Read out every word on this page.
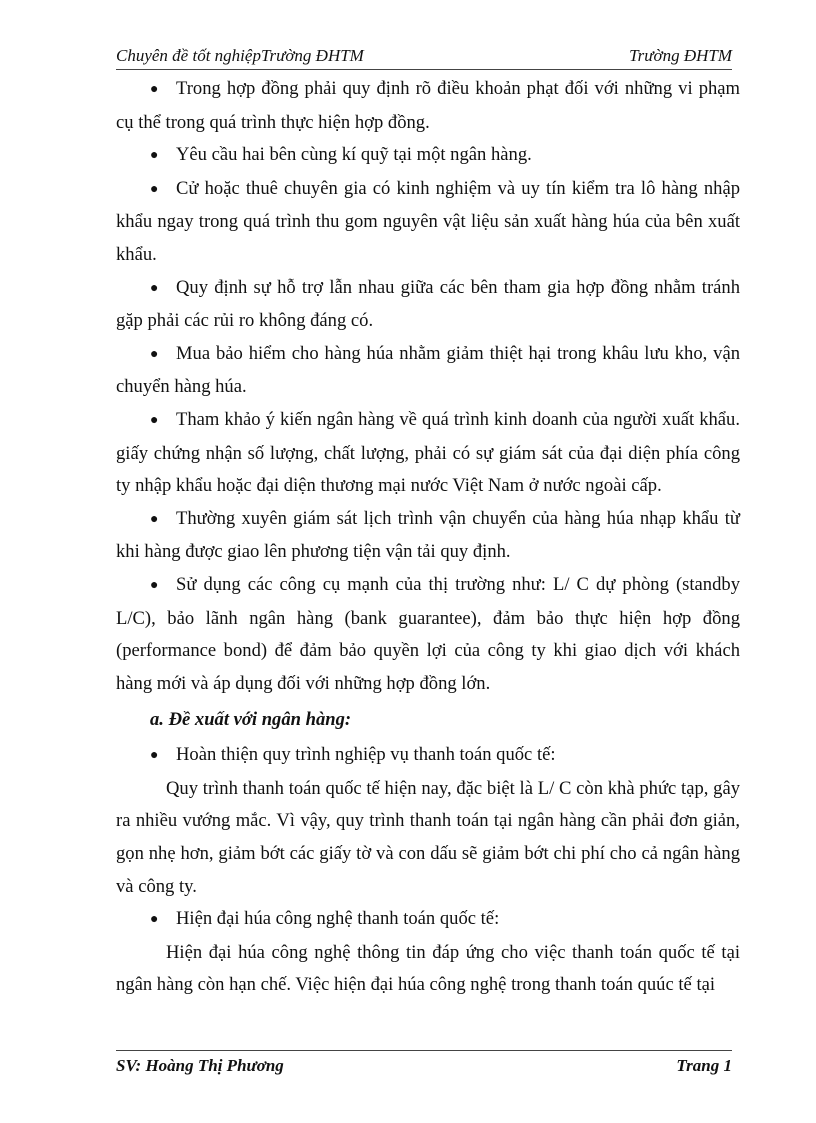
Chuyên đề tốt nghiệpTrường ĐHTM	Trường ĐHTM

● Trong hợp đồng phải quy định rõ điều khoản phạt đối với những vi phạm cụ thể trong quá trình thực hiện hợp đồng.

● Yêu cầu hai bên cùng kí quỹ tại một ngân hàng.

● Cử hoặc thuê chuyên gia có kinh nghiệm và uy tín kiểm tra lô hàng nhập khẩu ngay trong quá trình thu gom nguyên vật liệu sản xuất hàng húa của bên xuất khẩu.

● Quy định sự hỗ trợ lẫn nhau giữa các bên tham gia hợp đồng nhằm tránh gặp phải các rủi ro không đáng có.

● Mua bảo hiểm cho hàng húa nhằm giảm thiệt hại trong khâu lưu kho, vận chuyển hàng húa.

● Tham khảo ý kiến ngân hàng về quá trình kinh doanh của người xuất khẩu. giấy chứng nhận số lượng, chất lượng, phải có sự giám sát của đại diện phía công ty nhập khẩu hoặc đại diện thương mại nước Việt Nam ở nước ngoài cấp.

● Thường xuyên giám sát lịch trình vận chuyển của hàng húa nhạp khẩu từ khi hàng được giao lên phương tiện vận tải quy định.

● Sử dụng các công cụ mạnh của thị trường như: L/ C dự phòng (standby L/C), bảo lãnh ngân hàng (bank guarantee), đảm bảo thực hiện hợp đồng (performance bond) để đảm bảo quyền lợi của công ty khi giao dịch với khách hàng mới và áp dụng đối với những hợp đồng lớn.

a. Đề xuất với ngân hàng:

● Hoàn thiện quy trình nghiệp vụ thanh toán quốc tế:

Quy trình thanh toán quốc tế hiện nay, đặc biệt là L/ C còn khà phức tạp, gây ra nhiều vướng mắc. Vì vậy, quy trình thanh toán tại ngân hàng cần phải đơn giản, gọn nhẹ hơn, giảm bớt các giấy tờ và con dấu sẽ giảm bớt chi phí cho cả ngân hàng và công ty.

● Hiện đại húa công nghệ thanh toán quốc tế:

Hiện đại húa công nghệ thông tin đáp ứng cho việc thanh toán quốc tế tại ngân hàng còn hạn chế. Việc hiện đại húa công nghệ trong thanh toán quúc tế tại

SV: Hoàng Thị Phương	Trang 1
